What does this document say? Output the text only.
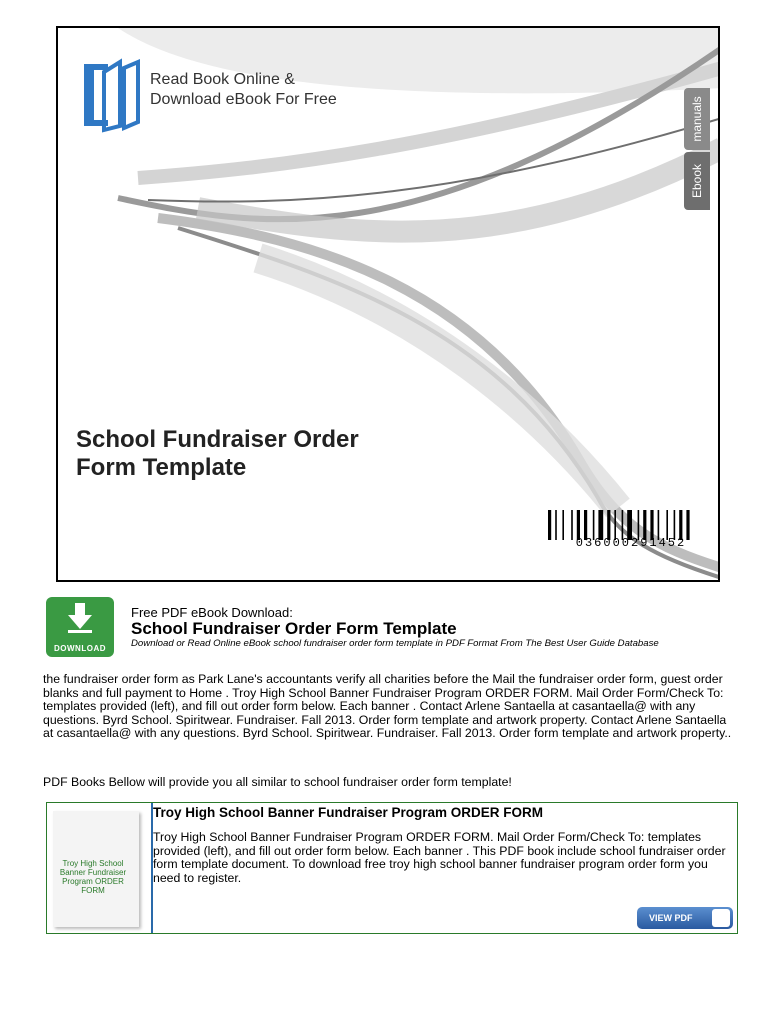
Read Book Online &
Download eBook For Free	manuals
Ebook
School Fundraiser Order
Form Template
036000291452
DOWNLOAD
Free PDF eBook Download:
School Fundraiser Order Form Template
Download or Read Online eBook school fundraiser order form template in PDF Format From The Best User Guide Database
the fundraiser order form as Park Lane's accountants verify all charities before the Mail the fundraiser order form, guest order blanks and full payment to Home . Troy High School Banner Fundraiser Program ORDER FORM. Mail Order Form/Check To: templates provided (left), and fill out order form below. Each banner . Contact Arlene Santaella at casantaella@ with any questions. Byrd School. Spiritwear. Fundraiser. Fall 2013. Order form template and artwork property. Contact Arlene Santaella at casantaella@ with any questions. Byrd School. Spiritwear. Fundraiser. Fall 2013. Order form template and artwork property..
PDF Books Bellow will provide you all similar to school fundraiser order form template!
Troy High School Banner Fundraiser Program ORDER FORM
Troy High School Banner Fundraiser Program ORDER FORM
Troy High School Banner Fundraiser Program ORDER FORM. Mail Order Form/Check To: templates provided (left), and fill out order form below. Each banner . This PDF book include school fundraiser order form template document. To download free troy high school banner fundraiser program order form you need to register.
VIEW PDF
